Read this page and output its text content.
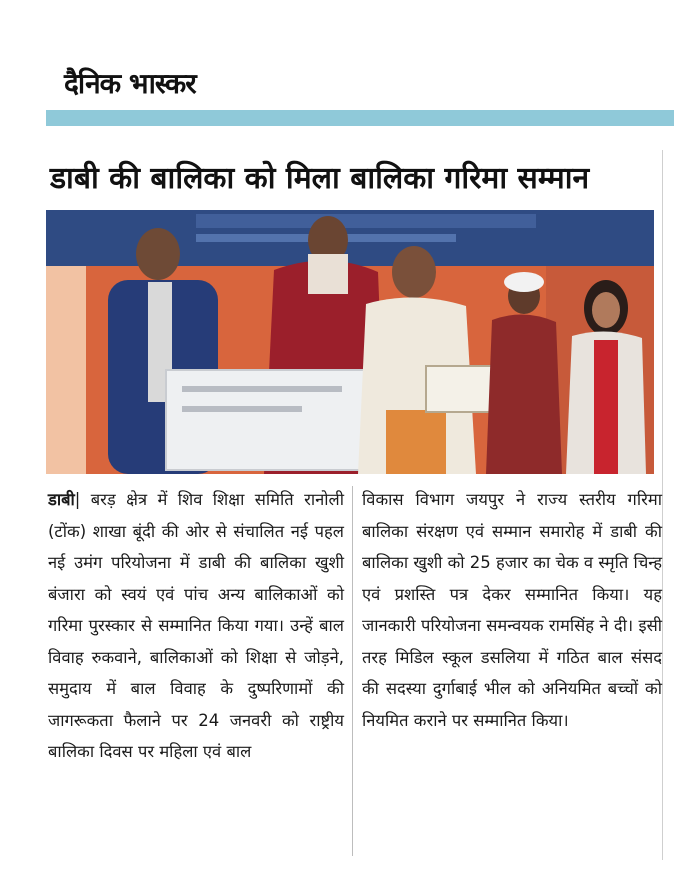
दैनिक भास्कर
डाबी की बालिका को मिला बालिका गरिमा सम्मान
डाबी| बरड़ क्षेत्र में शिव शिक्षा समिति रानोली (टोंक) शाखा बूंदी की ओर से संचालित नई पहल नई उमंग परियोजना में डाबी की बालिका खुशी बंजारा को स्वयं एवं पांच अन्य बालिकाओं को गरिमा पुरस्कार से सम्मानित किया गया। उन्हें बाल विवाह रुकवाने, बालिकाओं को शिक्षा से जोड़ने, समुदाय में बाल विवाह के दुष्परिणामों की जागरूकता फैलाने पर 24 जनवरी को राष्ट्रीय बालिका दिवस पर महिला एवं बाल
विकास विभाग जयपुर ने राज्य स्तरीय गरिमा बालिका संरक्षण एवं सम्मान समारोह में डाबी की बालिका खुशी को 25 हजार का चेक व स्मृति चिन्ह एवं प्रशस्ति पत्र देकर सम्मानित किया। यह जानकारी परियोजना समन्वयक रामसिंह ने दी। इसी तरह मिडिल स्कूल डसलिया में गठित बाल संसद की सदस्या दुर्गाबाई भील को अनियमित बच्चों को नियमित कराने पर सम्मानित किया।
